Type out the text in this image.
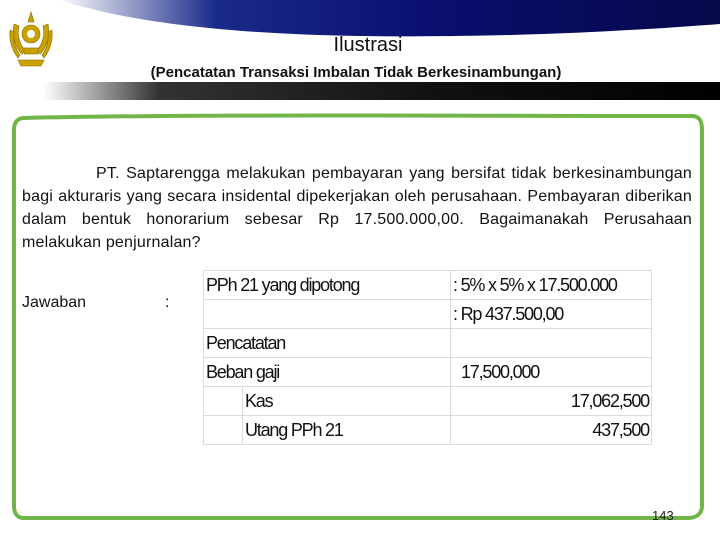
Ilustrasi
(Pencatatan Transaksi Imbalan Tidak Berkesinambungan)
PT. Saptarengga melakukan pembayaran yang bersifat tidak berkesinambungan bagi akturaris yang secara insidental dipekerjakan oleh perusahaan. Pembayaran diberikan dalam bentuk honorarium sebesar Rp 17.500.000,00. Bagaimanakah Perusahaan melakukan penjurnalan?
Jawaban	:
PPh 21 yang dipotong		: 5% x 5% x 17.500.000
		: Rp 437.500,00
Pencatatan		
Beban gaji		17,500,000
	Kas	17,062,500
	Utang PPh 21	437,500
143
